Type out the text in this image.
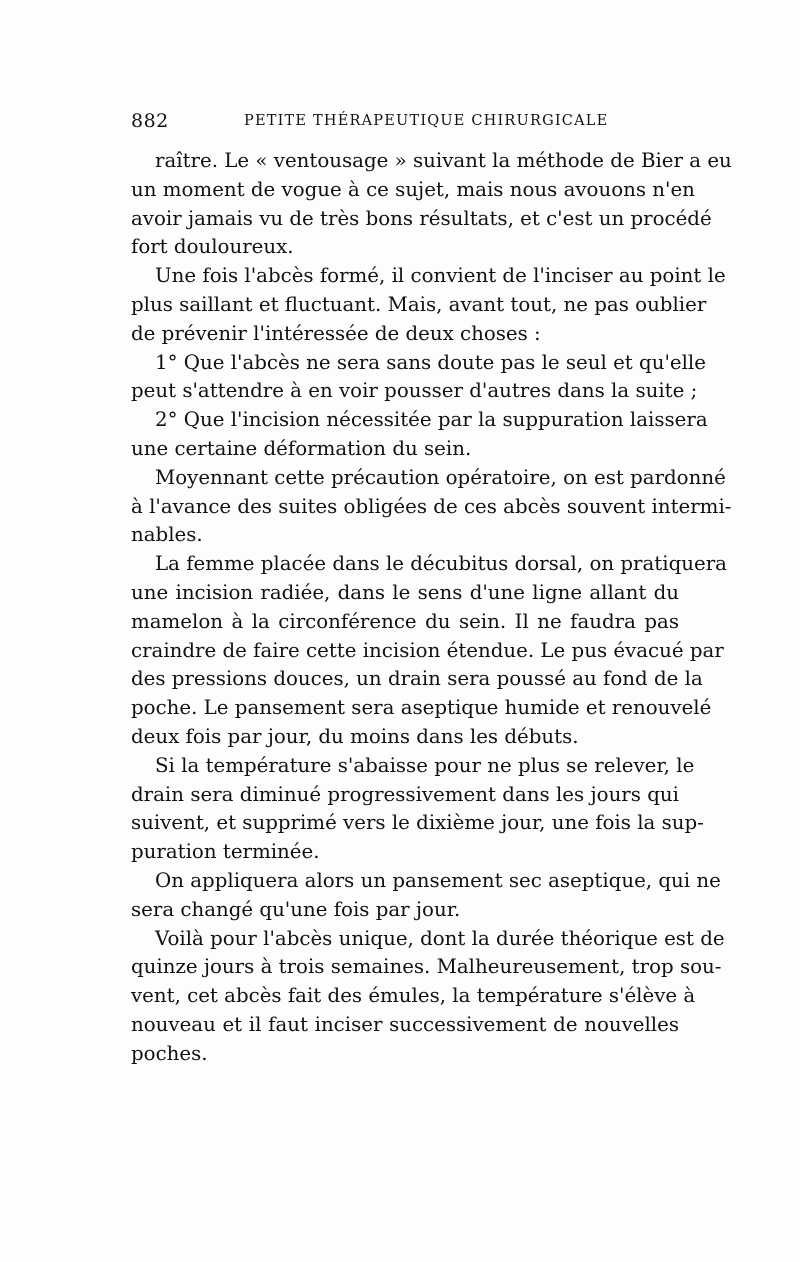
882	PETITE THÉRAPEUTIQUE CHIRURGICALE
raître. Le « ventousage » suivant la méthode de Bier a eu
un moment de vogue à ce sujet, mais nous avouons n'en
avoir jamais vu de très bons résultats, et c'est un procédé
fort douloureux.
Une fois l'abcès formé, il convient de l'inciser au point le
plus saillant et fluctuant. Mais, avant tout, ne pas oublier
de prévenir l'intéressée de deux choses :
1° Que l'abcès ne sera sans doute pas le seul et qu'elle
peut s'attendre à en voir pousser d'autres dans la suite ;
2° Que l'incision nécessitée par la suppuration laissera
une certaine déformation du sein.
Moyennant cette précaution opératoire, on est pardonné
à l'avance des suites obligées de ces abcès souvent intermi-
nables.
La femme placée dans le décubitus dorsal, on pratiquera
une incision radiée, dans le sens d'une ligne allant du
mamelon à la circonférence du sein. Il ne faudra pas
craindre de faire cette incision étendue. Le pus évacué par
des pressions douces, un drain sera poussé au fond de la
poche. Le pansement sera aseptique humide et renouvelé
deux fois par jour, du moins dans les débuts.
Si la température s'abaisse pour ne plus se relever, le
drain sera diminué progressivement dans les jours qui
suivent, et supprimé vers le dixième jour, une fois la sup-
puration terminée.
On appliquera alors un pansement sec aseptique, qui ne
sera changé qu'une fois par jour.
Voilà pour l'abcès unique, dont la durée théorique est de
quinze jours à trois semaines. Malheureusement, trop sou-
vent, cet abcès fait des émules, la température s'élève à
nouveau et il faut inciser successivement de nouvelles
poches.
